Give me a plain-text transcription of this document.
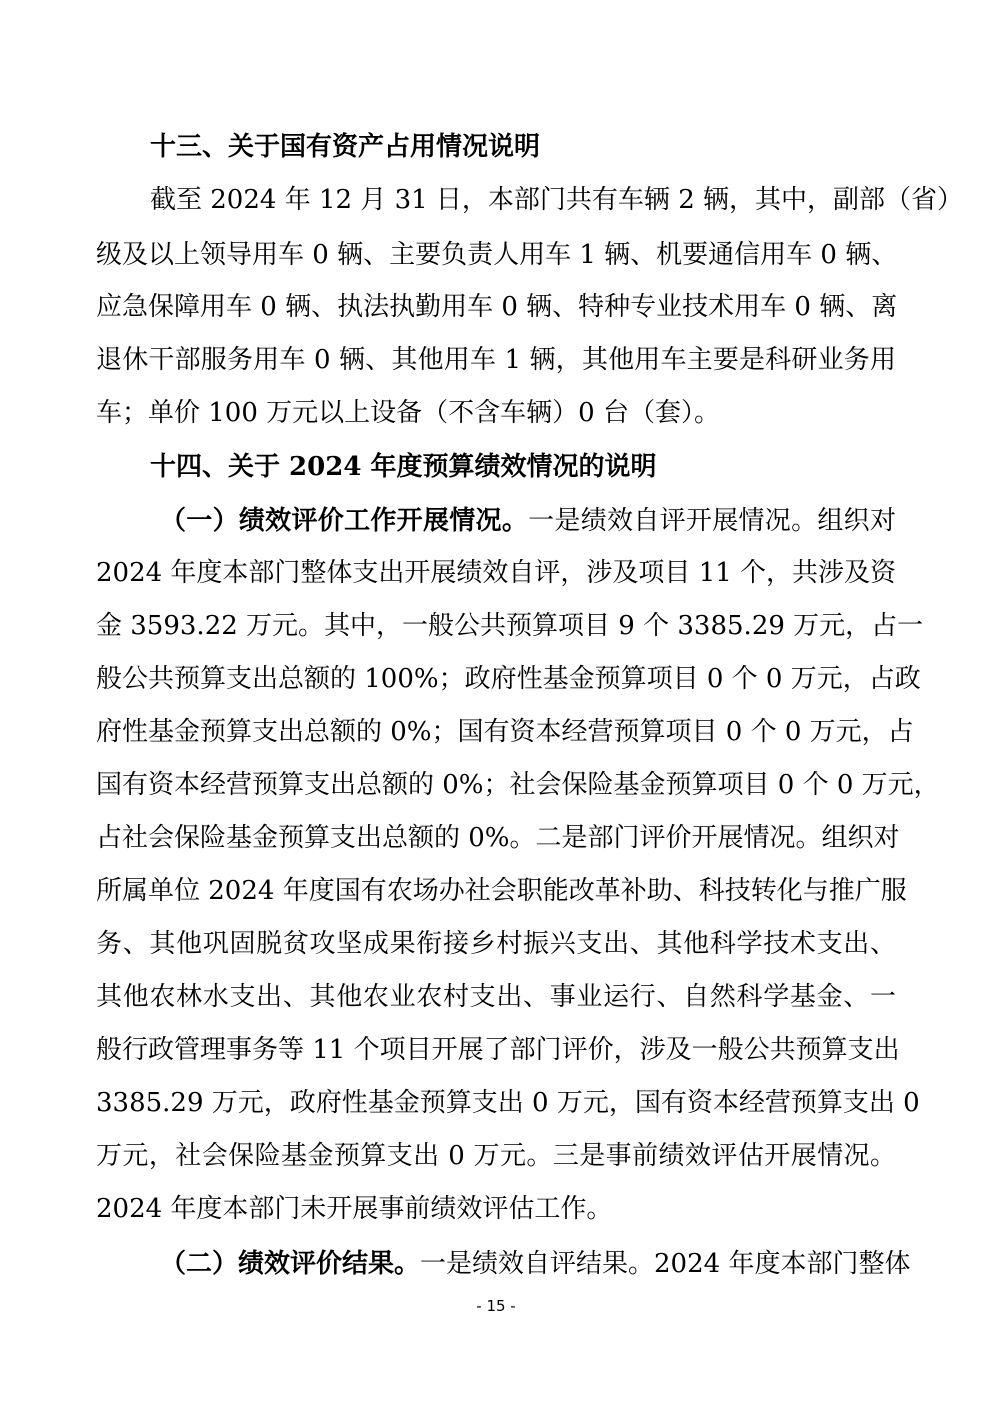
十三、关于国有资产占用情况说明
截至 2024 年 12 月 31 日，本部门共有车辆 2 辆，其中，副部（省）
级及以上领导用车 0 辆、主要负责人用车 1 辆、机要通信用车 0 辆、
应急保障用车 0 辆、执法执勤用车 0 辆、特种专业技术用车 0 辆、离
退休干部服务用车 0 辆、其他用车 1 辆，其他用车主要是科研业务用
车；单价 100 万元以上设备（不含车辆）0 台（套）。
十四、关于 2024 年度预算绩效情况的说明
（一）绩效评价工作开展情况。一是绩效自评开展情况。组织对
2024 年度本部门整体支出开展绩效自评，涉及项目 11 个，共涉及资
金 3593.22 万元。其中，一般公共预算项目 9 个 3385.29 万元，占一
般公共预算支出总额的 100%；政府性基金预算项目 0 个 0 万元，占政
府性基金预算支出总额的 0%；国有资本经营预算项目 0 个 0 万元，占
国有资本经营预算支出总额的 0%；社会保险基金预算项目 0 个 0 万元，
占社会保险基金预算支出总额的 0%。二是部门评价开展情况。组织对
所属单位 2024 年度国有农场办社会职能改革补助、科技转化与推广服
务、其他巩固脱贫攻坚成果衔接乡村振兴支出、其他科学技术支出、
其他农林水支出、其他农业农村支出、事业运行、自然科学基金、一
般行政管理事务等 11 个项目开展了部门评价，涉及一般公共预算支出
3385.29 万元，政府性基金预算支出 0 万元，国有资本经营预算支出 0
万元，社会保险基金预算支出 0 万元。三是事前绩效评估开展情况。
2024 年度本部门未开展事前绩效评估工作。
（二）绩效评价结果。一是绩效自评结果。2024 年度本部门整体
- 15 -
